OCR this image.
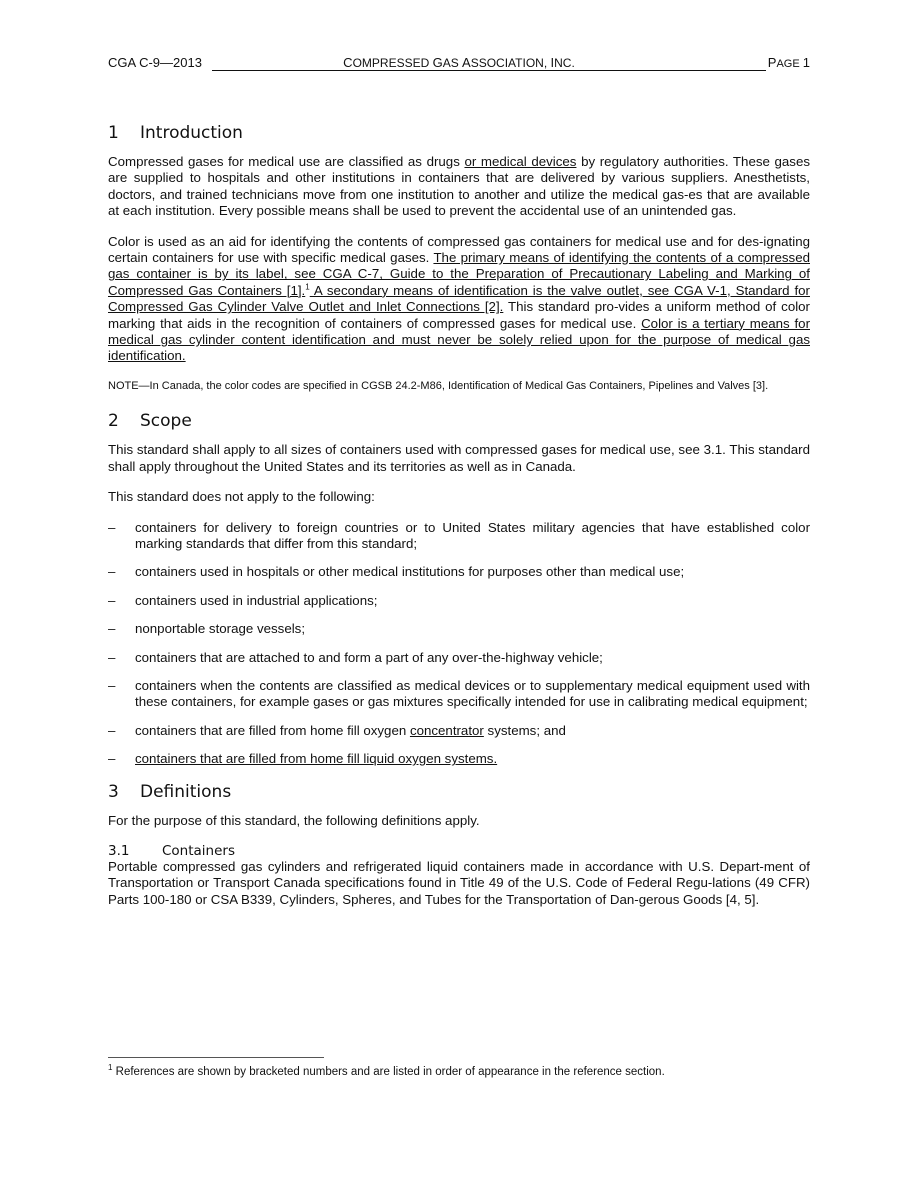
CGA C-9—2013	COMPRESSED GAS ASSOCIATION, INC.	PAGE 1
1 Introduction

Compressed gases for medical use are classified as drugs or medical devices by regulatory authorities. These gases are supplied to hospitals and other institutions in containers that are delivered by various suppliers. Anesthetists, doctors, and trained technicians move from one institution to another and utilize the medical gas-es that are available at each institution. Every possible means shall be used to prevent the accidental use of an unintended gas.

Color is used as an aid for identifying the contents of compressed gas containers for medical use and for des-ignating certain containers for use with specific medical gases. The primary means of identifying the contents of a compressed gas container is by its label, see CGA C-7, Guide to the Preparation of Precautionary Labeling and Marking of Compressed Gas Containers [1].$^1$ A secondary means of identification is the valve outlet, see CGA V-1, Standard for Compressed Gas Cylinder Valve Outlet and Inlet Connections [2]. This standard pro-vides a uniform method of color marking that aids in the recognition of containers of compressed gases for medical use. Color is a tertiary means for medical gas cylinder content identification and must never be solely relied upon for the purpose of medical gas identification.

NOTE—In Canada, the color codes are specified in CGSB 24.2-M86, Identification of Medical Gas Containers, Pipelines and Valves [3].

2 Scope

This standard shall apply to all sizes of containers used with compressed gases for medical use, see 3.1. This standard shall apply throughout the United States and its territories as well as in Canada.

This standard does not apply to the following:

– containers for delivery to foreign countries or to United States military agencies that have established color marking standards that differ from this standard;
– containers used in hospitals or other medical institutions for purposes other than medical use;
– containers used in industrial applications;
– nonportable storage vessels;
– containers that are attached to and form a part of any over-the-highway vehicle;
– containers when the contents are classified as medical devices or to supplementary medical equipment used with these containers, for example gases or gas mixtures specifically intended for use in calibrating medical equipment;
– containers that are filled from home fill oxygen concentrator systems; and
– containers that are filled from home fill liquid oxygen systems.
3 Definitions

For the purpose of this standard, the following definitions apply.

3.1 Containers

Portable compressed gas cylinders and refrigerated liquid containers made in accordance with U.S. Depart-ment of Transportation or Transport Canada specifications found in Title 49 of the U.S. Code of Federal Regu-lations (49 CFR) Parts 100-180 or CSA B339, Cylinders, Spheres, and Tubes for the Transportation of Dan-gerous Goods [4, 5].

$^1$ References are shown by bracketed numbers and are listed in order of appearance in the reference section.
